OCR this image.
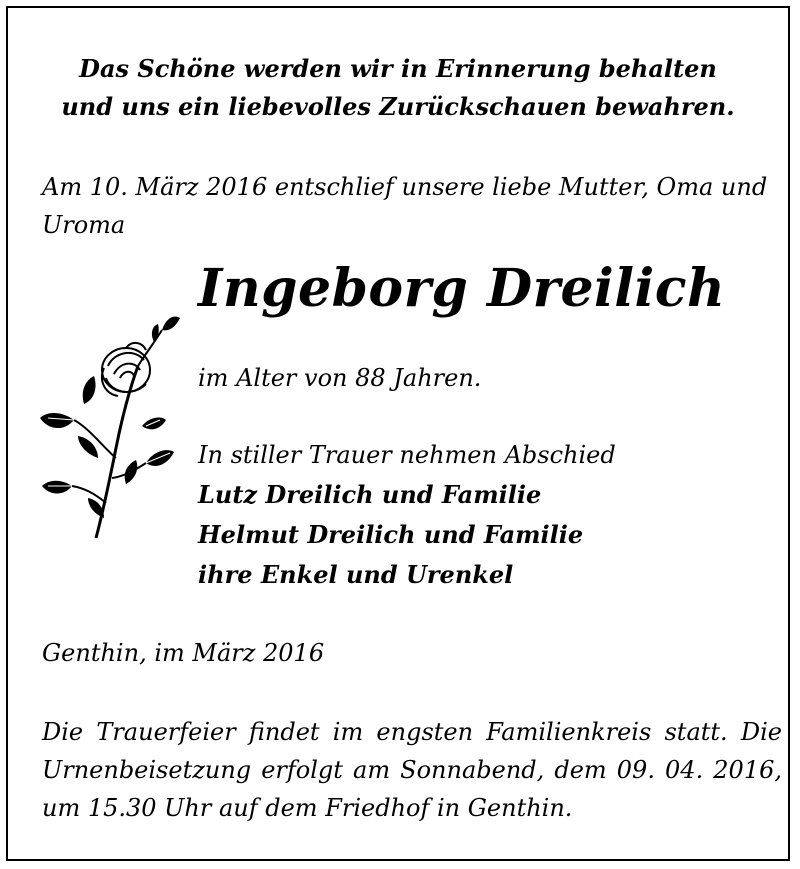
Das Schöne werden wir in Erinnerung behalten
und uns ein liebevolles Zurückschauen bewahren.

Am 10. März 2016 entschlief unsere liebe Mutter, Oma und Uroma

Ingeborg Dreilich

im Alter von 88 Jahren.

In stiller Trauer nehmen Abschied
Lutz Dreilich und Familie
Helmut Dreilich und Familie
ihre Enkel und Urenkel

Genthin, im März 2016

Die Trauerfeier findet im engsten Familienkreis statt. Die Urnenbeisetzung erfolgt am Sonnabend, dem 09. 04. 2016, um 15.30 Uhr auf dem Friedhof in Genthin.
